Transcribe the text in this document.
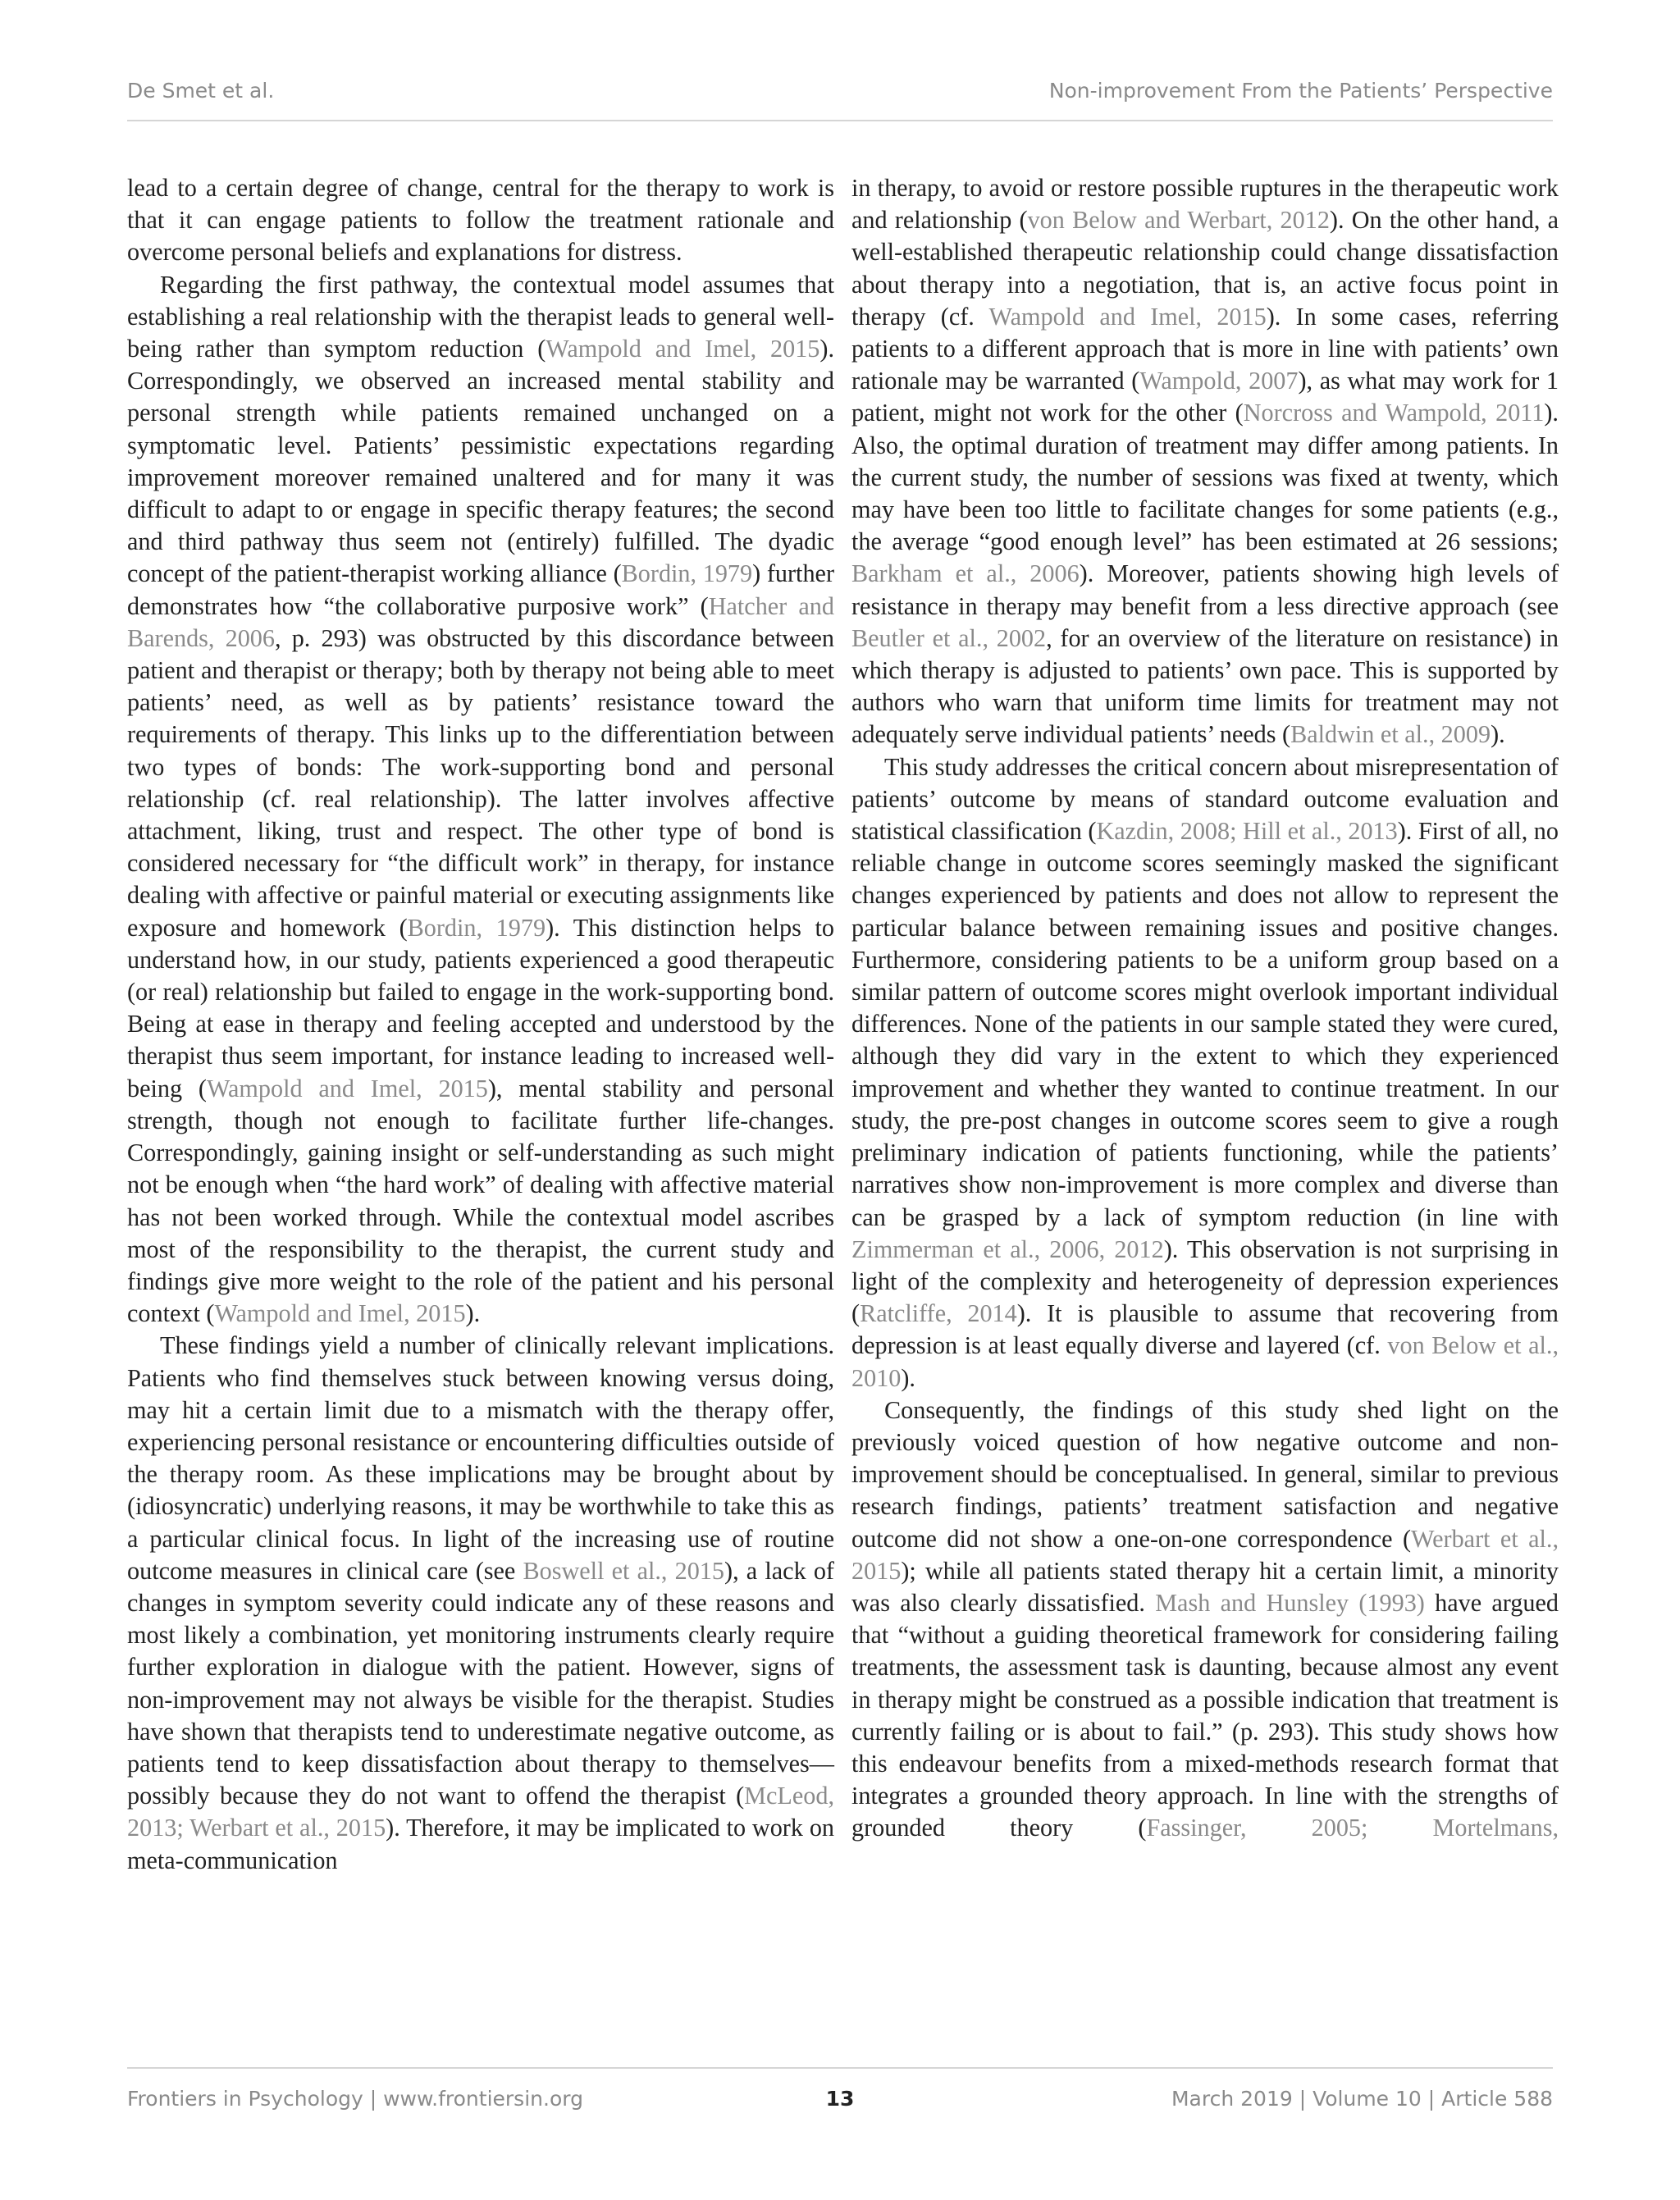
De Smet et al.	Non-improvement From the Patients’ Perspective

lead to a certain degree of change, central for the therapy to work is that it can engage patients to follow the treatment rationale and overcome personal beliefs and explanations for distress.

Regarding the first pathway, the contextual model assumes that establishing a real relationship with the therapist leads to general well-being rather than symptom reduction (Wampold and Imel, 2015). Correspondingly, we observed an increased mental stability and personal strength while patients remained unchanged on a symptomatic level. Patients’ pessimistic expectations regarding improvement moreover remained unaltered and for many it was difficult to adapt to or engage in specific therapy features; the second and third pathway thus seem not (entirely) fulfilled. The dyadic concept of the patient-therapist working alliance (Bordin, 1979) further demonstrates how “the collaborative purposive work” (Hatcher and Barends, 2006, p. 293) was obstructed by this discordance between patient and therapist or therapy; both by therapy not being able to meet patients’ need, as well as by patients’ resistance toward the requirements of therapy. This links up to the differentiation between two types of bonds: The work-supporting bond and personal relationship (cf. real relationship). The latter involves affective attachment, liking, trust and respect. The other type of bond is considered necessary for “the difficult work” in therapy, for instance dealing with affective or painful material or executing assignments like exposure and homework (Bordin, 1979). This distinction helps to understand how, in our study, patients experienced a good therapeutic (or real) relationship but failed to engage in the work-supporting bond. Being at ease in therapy and feeling accepted and understood by the therapist thus seem important, for instance leading to increased well-being (Wampold and Imel, 2015), mental stability and personal strength, though not enough to facilitate further life-changes. Correspondingly, gaining insight or self-understanding as such might not be enough when “the hard work” of dealing with affective material has not been worked through. While the contextual model ascribes most of the responsibility to the therapist, the current study and findings give more weight to the role of the patient and his personal context (Wampold and Imel, 2015).

These findings yield a number of clinically relevant implications. Patients who find themselves stuck between knowing versus doing, may hit a certain limit due to a mismatch with the therapy offer, experiencing personal resistance or encountering difficulties outside of the therapy room. As these implications may be brought about by (idiosyncratic) underlying reasons, it may be worthwhile to take this as a particular clinical focus. In light of the increasing use of routine outcome measures in clinical care (see Boswell et al., 2015), a lack of changes in symptom severity could indicate any of these reasons and most likely a combination, yet monitoring instruments clearly require further exploration in dialogue with the patient. However, signs of non-improvement may not always be visible for the therapist. Studies have shown that therapists tend to underestimate negative outcome, as patients tend to keep dissatisfaction about therapy to themselves—possibly because they do not want to offend the therapist (McLeod, 2013; Werbart et al., 2015). Therefore, it may be implicated to work on meta-communication

in therapy, to avoid or restore possible ruptures in the therapeutic work and relationship (von Below and Werbart, 2012). On the other hand, a well-established therapeutic relationship could change dissatisfaction about therapy into a negotiation, that is, an active focus point in therapy (cf. Wampold and Imel, 2015). In some cases, referring patients to a different approach that is more in line with patients’ own rationale may be warranted (Wampold, 2007), as what may work for 1 patient, might not work for the other (Norcross and Wampold, 2011). Also, the optimal duration of treatment may differ among patients. In the current study, the number of sessions was fixed at twenty, which may have been too little to facilitate changes for some patients (e.g., the average “good enough level” has been estimated at 26 sessions; Barkham et al., 2006). Moreover, patients showing high levels of resistance in therapy may benefit from a less directive approach (see Beutler et al., 2002, for an overview of the literature on resistance) in which therapy is adjusted to patients’ own pace. This is supported by authors who warn that uniform time limits for treatment may not adequately serve individual patients’ needs (Baldwin et al., 2009).

This study addresses the critical concern about misrepresentation of patients’ outcome by means of standard outcome evaluation and statistical classification (Kazdin, 2008; Hill et al., 2013). First of all, no reliable change in outcome scores seemingly masked the significant changes experienced by patients and does not allow to represent the particular balance between remaining issues and positive changes. Furthermore, considering patients to be a uniform group based on a similar pattern of outcome scores might overlook important individual differences. None of the patients in our sample stated they were cured, although they did vary in the extent to which they experienced improvement and whether they wanted to continue treatment. In our study, the pre-post changes in outcome scores seem to give a rough preliminary indication of patients functioning, while the patients’ narratives show non-improvement is more complex and diverse than can be grasped by a lack of symptom reduction (in line with Zimmerman et al., 2006, 2012). This observation is not surprising in light of the complexity and heterogeneity of depression experiences (Ratcliffe, 2014). It is plausible to assume that recovering from depression is at least equally diverse and layered (cf. von Below et al., 2010).

Consequently, the findings of this study shed light on the previously voiced question of how negative outcome and non-improvement should be conceptualised. In general, similar to previous research findings, patients’ treatment satisfaction and negative outcome did not show a one-on-one correspondence (Werbart et al., 2015); while all patients stated therapy hit a certain limit, a minority was also clearly dissatisfied. Mash and Hunsley (1993) have argued that “without a guiding theoretical framework for considering failing treatments, the assessment task is daunting, because almost any event in therapy might be construed as a possible indication that treatment is currently failing or is about to fail.” (p. 293). This study shows how this endeavour benefits from a mixed-methods research format that integrates a grounded theory approach. In line with the strengths of grounded theory (Fassinger, 2005; Mortelmans,

Frontiers in Psychology | www.frontiersin.org	13	March 2019 | Volume 10 | Article 588
